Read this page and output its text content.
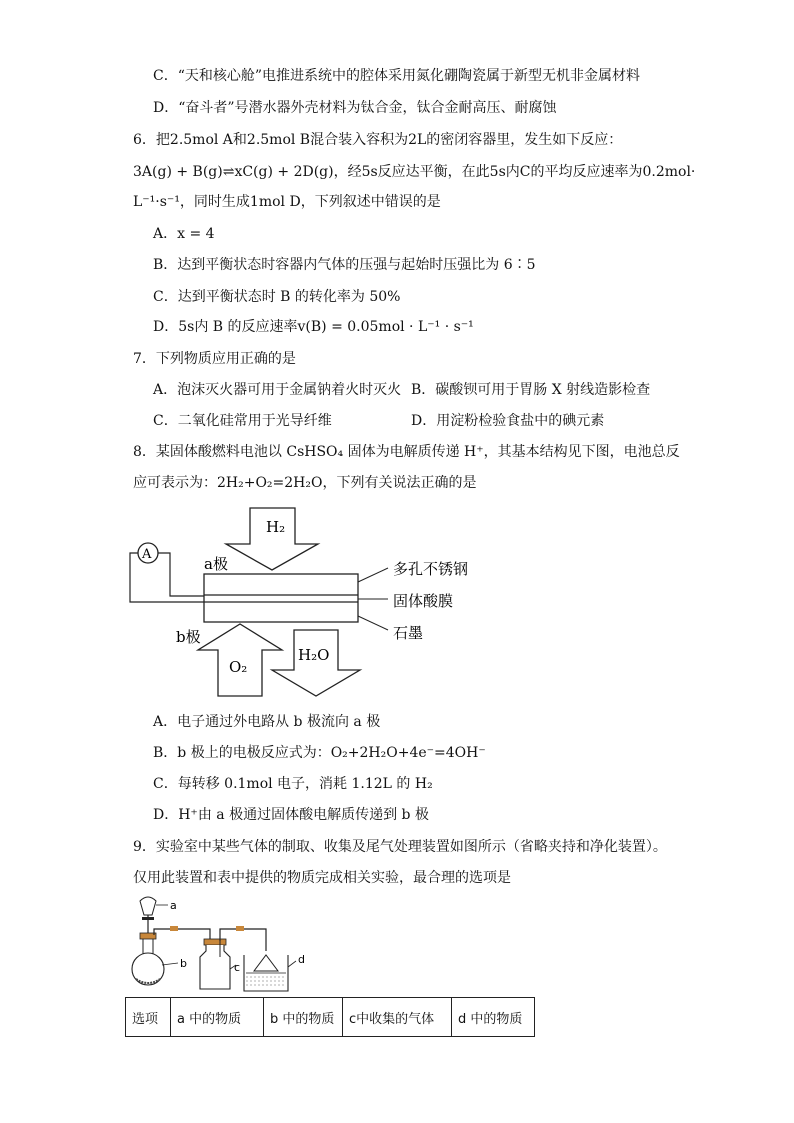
C．“天和核心舱”电推进系统中的腔体采用氮化硼陶瓷属于新型无机非金属材料
D．“奋斗者”号潜水器外壳材料为钛合金，钛合金耐高压、耐腐蚀
6．把2.5mol A和2.5mol B混合装入容积为2L的密闭容器里，发生如下反应：
3A(g) + B(g)⇌xC(g) + 2D(g)，经5s反应达平衡，在此5s内C的平均反应速率为0.2mol·
L⁻¹·s⁻¹，同时生成1mol D，下列叙述中错误的是
A．x = 4
B．达到平衡状态时容器内气体的压强与起始时压强比为 6∶5
C．达到平衡状态时 B 的转化率为 50%
D．5s内 B 的反应速率v(B) = 0.05mol · L⁻¹ · s⁻¹
7．下列物质应用正确的是
A．泡沫灭火器可用于金属钠着火时灭火 B．碳酸钡可用于胃肠 X 射线造影检查
C．二氧化硅常用于光导纤维	D．用淀粉检验食盐中的碘元素
8．某固体酸燃料电池以 CsHSO₄ 固体为电解质传递 H⁺，其基本结构见下图，电池总反
应可表示为：2H₂+O₂=2H₂O，下列有关说法正确的是
H₂
A
a极
b极
多孔不锈钢
固体酸膜
石墨
O₂
H₂O
A．电子通过外电路从 b 极流向 a 极
B．b 极上的电极反应式为：O₂+2H₂O+4e⁻=4OH⁻
C．每转移 0.1mol 电子，消耗 1.12L 的 H₂
D．H⁺由 a 极通过固体酸电解质传递到 b 极
9．实验室中某些气体的制取、收集及尾气处理装置如图所示（省略夹持和净化装置）。
仅用此装置和表中提供的物质完成相关实验，最合理的选项是
a
b	c
d
选项	a 中的物质	b 中的物质	c中收集的气体	d 中的物质
